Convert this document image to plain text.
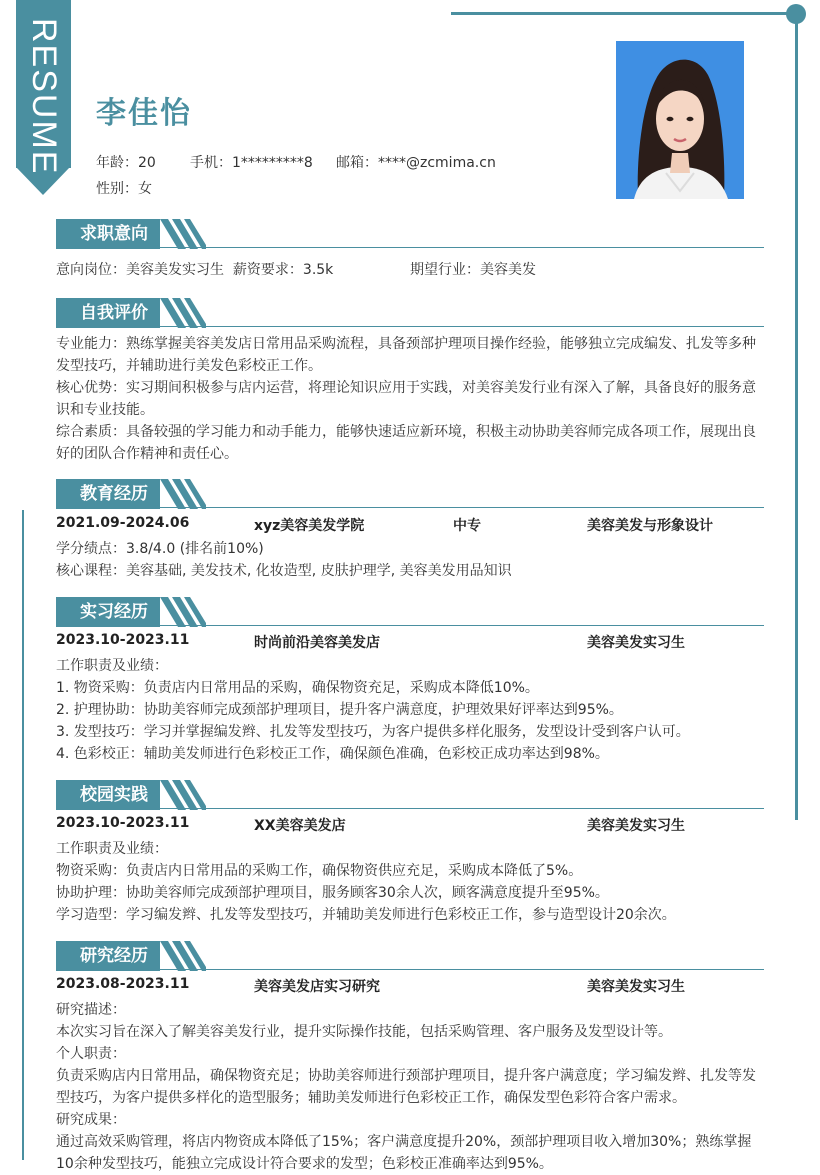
RESUME 李佳怡
年龄：20 手机：1*********8 邮箱：****@zcmima.cn
性别：女
求职意向
意向岗位：美容美发实习生 薪资要求：3.5k	期望行业：美容美发
自我评价
专业能力：熟练掌握美容美发店日常用品采购流程，具备颈部护理项目操作经验，能够独立完成编发、扎发等多种发型技巧，并辅助进行美发色彩校正工作。
核心优势：实习期间积极参与店内运营，将理论知识应用于实践，对美容美发行业有深入了解，具备良好的服务意识和专业技能。
综合素质：具备较强的学习能力和动手能力，能够快速适应新环境，积极主动协助美容师完成各项工作，展现出良好的团队合作精神和责任心。
教育经历
2021.09-2024.06	xyz美容美发学院	中专	美容美发与形象设计
学分绩点：3.8/4.0 (排名前10%)
核心课程：美容基础, 美发技术, 化妆造型, 皮肤护理学, 美容美发用品知识
实习经历
2023.10-2023.11	时尚前沿美容美发店	美容美发实习生
工作职责及业绩：
1. 物资采购：负责店内日常用品的采购，确保物资充足，采购成本降低10%。
2. 护理协助：协助美容师完成颈部护理项目，提升客户满意度，护理效果好评率达到95%。
3. 发型技巧：学习并掌握编发辫、扎发等发型技巧，为客户提供多样化服务，发型设计受到客户认可。
4. 色彩校正：辅助美发师进行色彩校正工作，确保颜色准确，色彩校正成功率达到98%。
校园实践
2023.10-2023.11	XX美容美发店	美容美发实习生
工作职责及业绩：
物资采购：负责店内日常用品的采购工作，确保物资供应充足，采购成本降低了5%。
协助护理：协助美容师完成颈部护理项目，服务顾客30余人次，顾客满意度提升至95%。
学习造型：学习编发辫、扎发等发型技巧，并辅助美发师进行色彩校正工作，参与造型设计20余次。
研究经历
2023.08-2023.11	美容美发店实习研究	美容美发实习生
研究描述：
本次实习旨在深入了解美容美发行业，提升实际操作技能，包括采购管理、客户服务及发型设计等。
个人职责：
负责采购店内日常用品，确保物资充足；协助美容师进行颈部护理项目，提升客户满意度；学习编发辫、扎发等发型技巧，为客户提供多样化的造型服务；辅助美发师进行色彩校正工作，确保发型色彩符合客户需求。
研究成果：
通过高效采购管理，将店内物资成本降低了15%；客户满意度提升20%，颈部护理项目收入增加30%；熟练掌握10余种发型技巧，能独立完成设计符合要求的发型；色彩校正准确率达到95%。
